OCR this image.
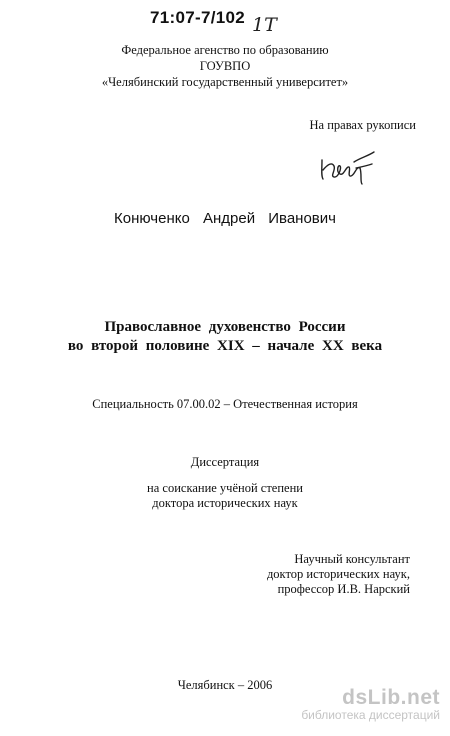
71:07-7/102 1Т
Федеральное агенство по образованию
ГОУВПО
«Челябинский государственный университет»
На правах рукописи
Конюченко Андрей Иванович
Православное духовенство России
во второй половине XIX – начале XX века
Специальность 07.00.02 – Отечественная история
Диссертация
на соискание учёной степени
доктора исторических наук
Научный консультант
доктор исторических наук,
профессор И.В. Нарский
Челябинск – 2006
dsLib.net
библиотека диссертаций
